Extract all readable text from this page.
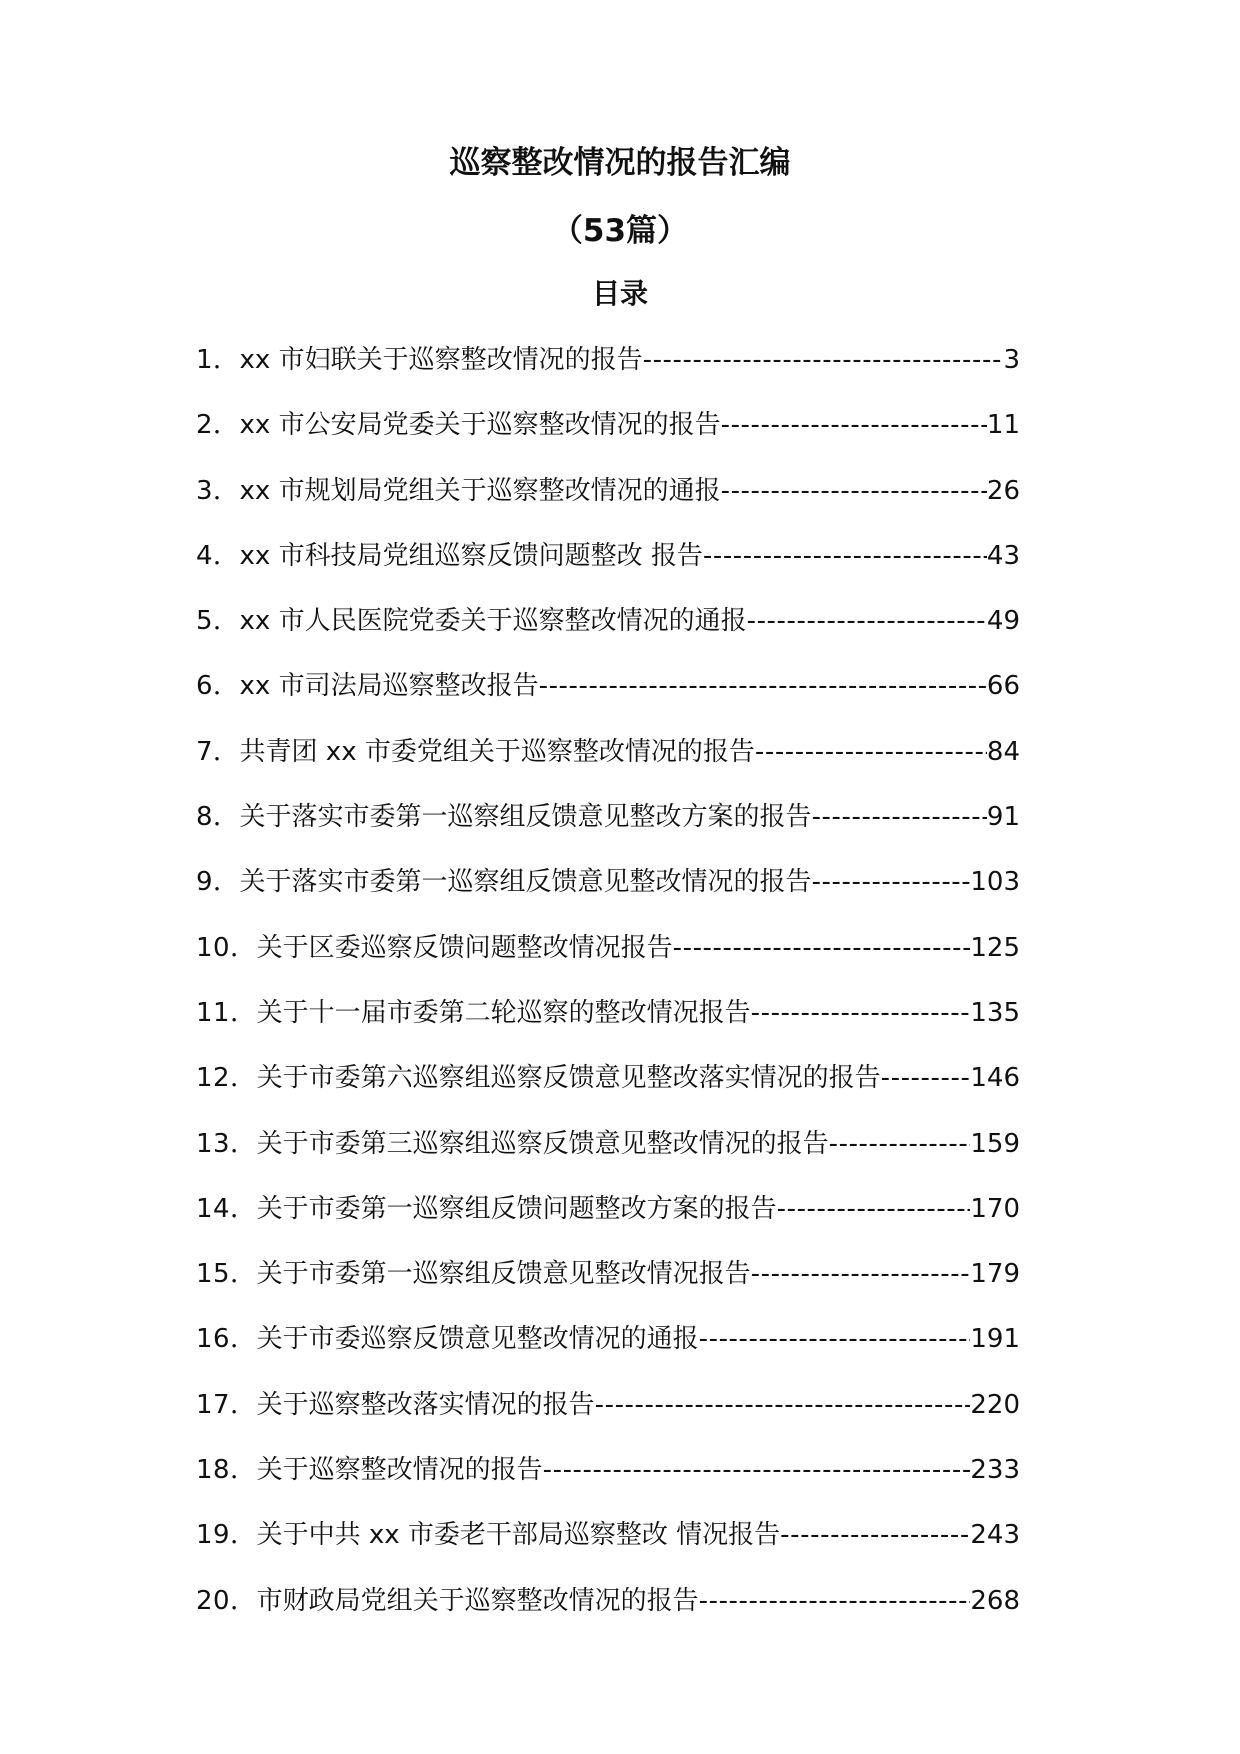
巡察整改情况的报告汇编
（53篇）
目录
1． xx 市妇联关于巡察整改情况的报告 -----	3
2． xx 市公安局党委关于巡察整改情况的报告 -----	11
3． xx 市规划局党组关于巡察整改情况的通报 -----	26
4． xx 市科技局党组巡察反馈问题整改 报告 -----	43
5． xx 市人民医院党委关于巡察整改情况的通报 -----	49
6． xx 市司法局巡察整改报告 -----	66
7． 共青团 xx 市委党组关于巡察整改情况的报告 -----	84
8． 关于落实市委第一巡察组反馈意见整改方案的报告 -----	91
9． 关于落实市委第一巡察组反馈意见整改情况的报告 -----	103
10． 关于区委巡察反馈问题整改情况报告 -----	125
11． 关于十一届市委第二轮巡察的整改情况报告 -----	135
12． 关于市委第六巡察组巡察反馈意见整改落实情况的报告 -----	146
13． 关于市委第三巡察组巡察反馈意见整改情况的报告 -----	159
14． 关于市委第一巡察组反馈问题整改方案的报告 -----	170
15． 关于市委第一巡察组反馈意见整改情况报告 -----	179
16． 关于市委巡察反馈意见整改情况的通报 -----	191
17． 关于巡察整改落实情况的报告 -----	220
18． 关于巡察整改情况的报告 -----	233
19． 关于中共 xx 市委老干部局巡察整改 情况报告 -----	243
20． 市财政局党组关于巡察整改情况的报告 -----	268
